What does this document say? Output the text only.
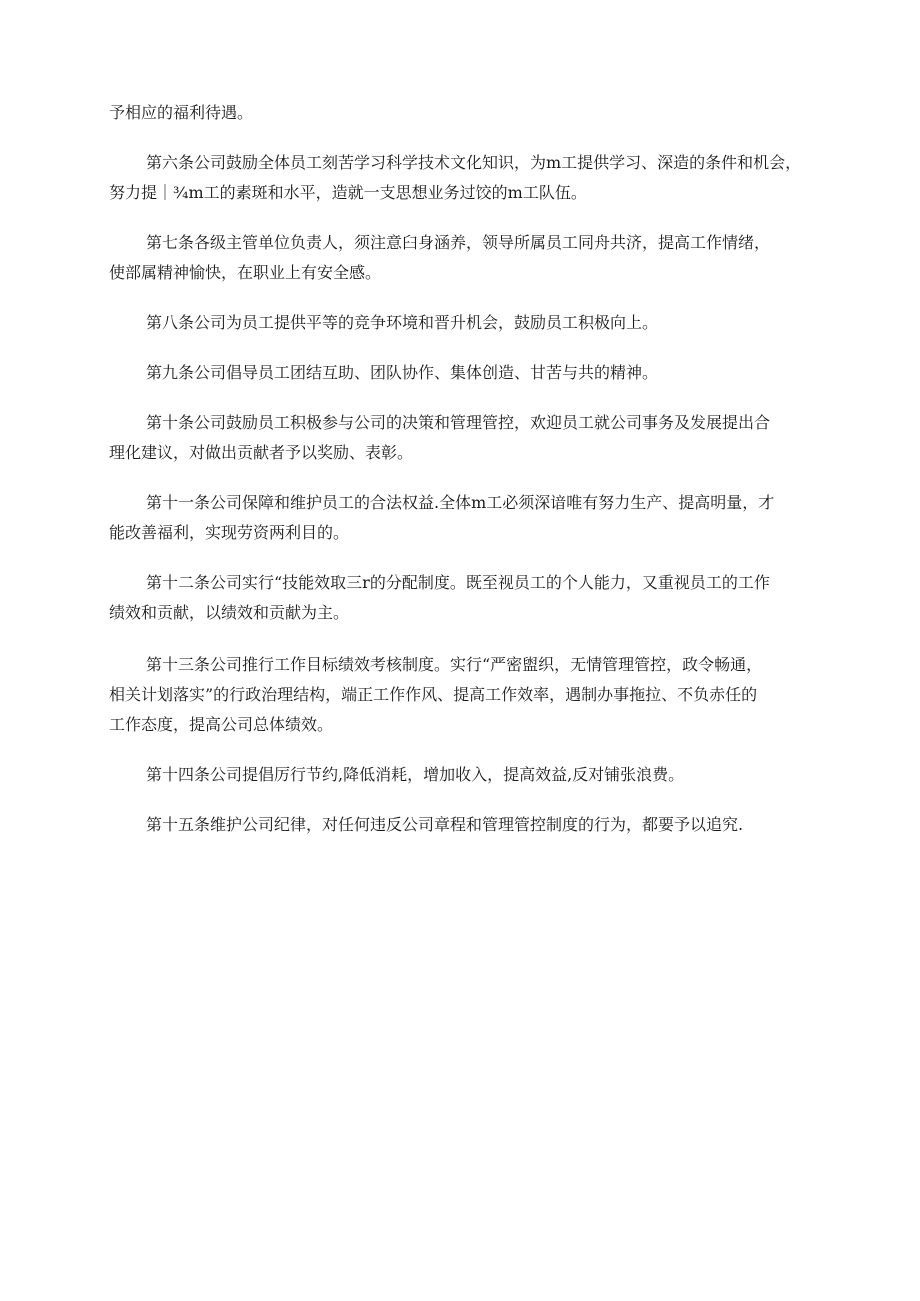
予相应的福利待遇。
第六条公司鼓励全体员工刻苦学习科学技术文化知识，为m工提供学习、深造的条件和机会，
努力提｜¾m工的素斑和水平，造就一支思想业务过饺的m工队伍。
第七条各级主管单位负责人，须注意臼身涵养，领导所属员工同舟共济，提高工作情绪，
使部属精神愉快，在职业上有安全感。
第八条公司为员工提供平等的竞争环境和晋升机会，鼓励员工积极向上。
第九条公司倡导员工团结互助、团队协作、集体创造、甘苦与共的精神。
第十条公司鼓励员工积极参与公司的决策和管理管控，欢迎员工就公司事务及发展提出合
理化建议，对做出贡献者予以奖励、表彰。
第十一条公司保障和维护员工的合法权益.全体m工必须深谙唯有努力生产、提高明量，才
能改善福利，实现劳资两利目的。
第十二条公司实行“技能效取三r的分配制度。既至视员工的个人能力，又重视员工的工作
绩效和贡献，以绩效和贡献为主。
第十三条公司推行工作目标绩效考核制度。实行“严密盥织，无情管理管控，政令畅通，
相关计划落实”的行政治理结构，端正工作作风、提高工作效率，遇制办事拖拉、不负赤任的
工作态度，提高公司总体绩效。
第十四条公司提倡厉行节约,降低消耗，增加收入，提高效益,反对铺张浪费。
第十五条维护公司纪律，对任何违反公司章程和管理管控制度的行为，都要予以追究.
